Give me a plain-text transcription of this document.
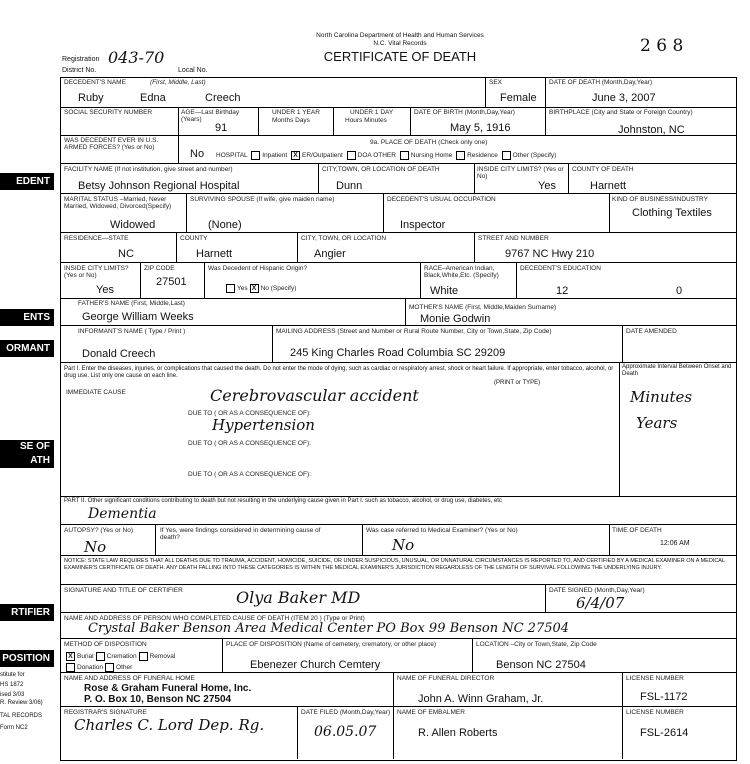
North Carolina Department of Health and Human Services
N.C. Vital Records
CERTIFICATE OF DEATH
2 6 8
Registration 043-70
District No.	Local No.
EDENT
ENTS
ORMANT
SE OF
ATH
RTIFIER
POSITION
stitute for
HS 1872
ised 3/03
R. Review 3/06)
TAL RECORDS
Form NC2
DECEDENT'S NAME	(First, Middle, Last)
Ruby	Edna	Creech
SEX
Female
DATE OF DEATH (Month,Day,Year)
June 3, 2007
SOCIAL SECURITY NUMBER	AGE—Last Birthday (Years)
91
UNDER 1 YEAR
Months Days
UNDER 1 DAY
Hours Minutes
DATE OF BIRTH (Month,Day,Year)
May 5, 1916
BIRTHPLACE (City and State or Foreign Country)
Johnston, NC
WAS DECEDENT EVER IN U.S. ARMED FORCES? (Yes or No)
No
9a. PLACE OF DEATH (Check only one)
HOSPITAL Inpatient X ER/Outpatient DOA OTHER Nursing Home Residence Other (Specify)
FACILITY NAME (If not institution, give street and number)
Betsy Johnson Regional Hospital
CITY,TOWN, OR LOCATION OF DEATH
Dunn
INSIDE CITY LIMITS? (Yes or No)
Yes
COUNTY OF DEATH
Harnett
MARITAL STATUS –Married, Never Married, Widowed, Divorced(Specify)
Widowed
SURVIVING SPOUSE (If wife, give maiden name)
(None)
DECEDENT'S USUAL OCCUPATION
Inspector
KIND OF BUSINESS/INDUSTRY
Clothing Textiles
RESIDENCE—STATE
NC
COUNTY
Harnett
CITY, TOWN, OR LOCATION
Angier
STREET AND NUMBER
9767 NC Hwy 210
INSIDE CITY LIMITS? (Yes or No)
Yes
ZIP CODE
27501
Was Decedent of Hispanic Origin?
Yes X No (Specify)
RACE–American Indian, Black,White,Etc. (Specify)
White
DECEDENT'S EDUCATION
12	0
FATHER'S NAME (First, Middle,Last)
George William Weeks
MOTHER'S NAME (First, Middle,Maiden Surname)
Monie Godwin
INFORMANT'S NAME ( Type / Print )
Donald Creech
MAILING ADDRESS (Street and Number or Rural Route Number, City or Town,State, Zip Code)
245 King Charles Road Columbia SC 29209
DATE AMENDED
Part I. Enter the diseases, injuries, or complications that caused the death. Do not enter the mode of dying, such as cardiac or respiratory arrest, shock or heart failure. If appropriate, enter tobacco, alcohol, or drug use. List only one cause on each line.
(PRINT or TYPE)
Approximate Interval Between Onset and Death
IMMEDIATE CAUSE	Cerebrovascular accident	Minutes
DUE TO ( OR AS A CONSEQUENCE OF):
Hypertension	Years
DUE TO ( OR AS A CONSEQUENCE OF):
DUE TO ( OR AS A CONSEQUENCE OF):
PART II. Other significant conditions contributing to death but not resulting in the underlying cause given in Part I. such as tobacco, alcohol, or drug use, diabetes, etc
Dementia
AUTOPSY? (Yes or No)
No
If Yes, were findings considered in determining cause of death?
Was case referred to Medical Examiner? (Yes or No)
No
TIME OF DEATH
12:06 AM
NOTICE: STATE LAW REQUIRES THAT ALL DEATHS DUE TO TRAUMA, ACCIDENT, HOMICIDE, SUICIDE, OR UNDER SUSPICIOUS, UNUSUAL, OR UNNATURAL CIRCUMSTANCES IS REPORTED TO, AND CERTIFIED BY A MEDICAL EXAMINER ON A MEDICAL EXAMINER'S CERTIFICATE OF DEATH. ANY DEATH FALLING INTO THESE CATEGORIES IS WITHIN THE MEDICAL EXAMINER'S JURISDICTION REGARDLESS OF THE LENGTH OF SURVIVAL FOLLOWING THE UNDERLYING INJURY.
SIGNATURE AND TITLE OF CERTIFIER	Olya Baker MD	DATE SIGNED (Month,Day,Year)
6/4/07
NAME AND ADDRESS OF PERSON WHO COMPLETED CAUSE OF DEATH (ITEM 20 ) (Type or Print)
Crystal Baker Benson Area Medical Center PO Box 99 Benson NC 27504
METHOD OF DISPOSITION
XBurial Cremation Removal
Donation Other
PLACE OF DISPOSITION (Name of cemetery, crematory, or other place)
Ebenezer Church Cemtery
LOCATION –City or Town,State, Zip Code
Benson NC 27504
NAME AND ADDRESS OF FUNERAL HOME
Rose & Graham Funeral Home, Inc.
P. O. Box 10, Benson NC 27504
NAME OF FUNERAL DIRECTOR
John A. Winn Graham, Jr.
LICENSE NUMBER
FSL-1172
REGISTRAR'S SIGNATURE
Charles C. Lord Dep. Rg.
DATE FILED (Month,Day,Year)
06.05.07
NAME OF EMBALMER
R. Allen Roberts
LICENSE NUMBER
FSL-2614
